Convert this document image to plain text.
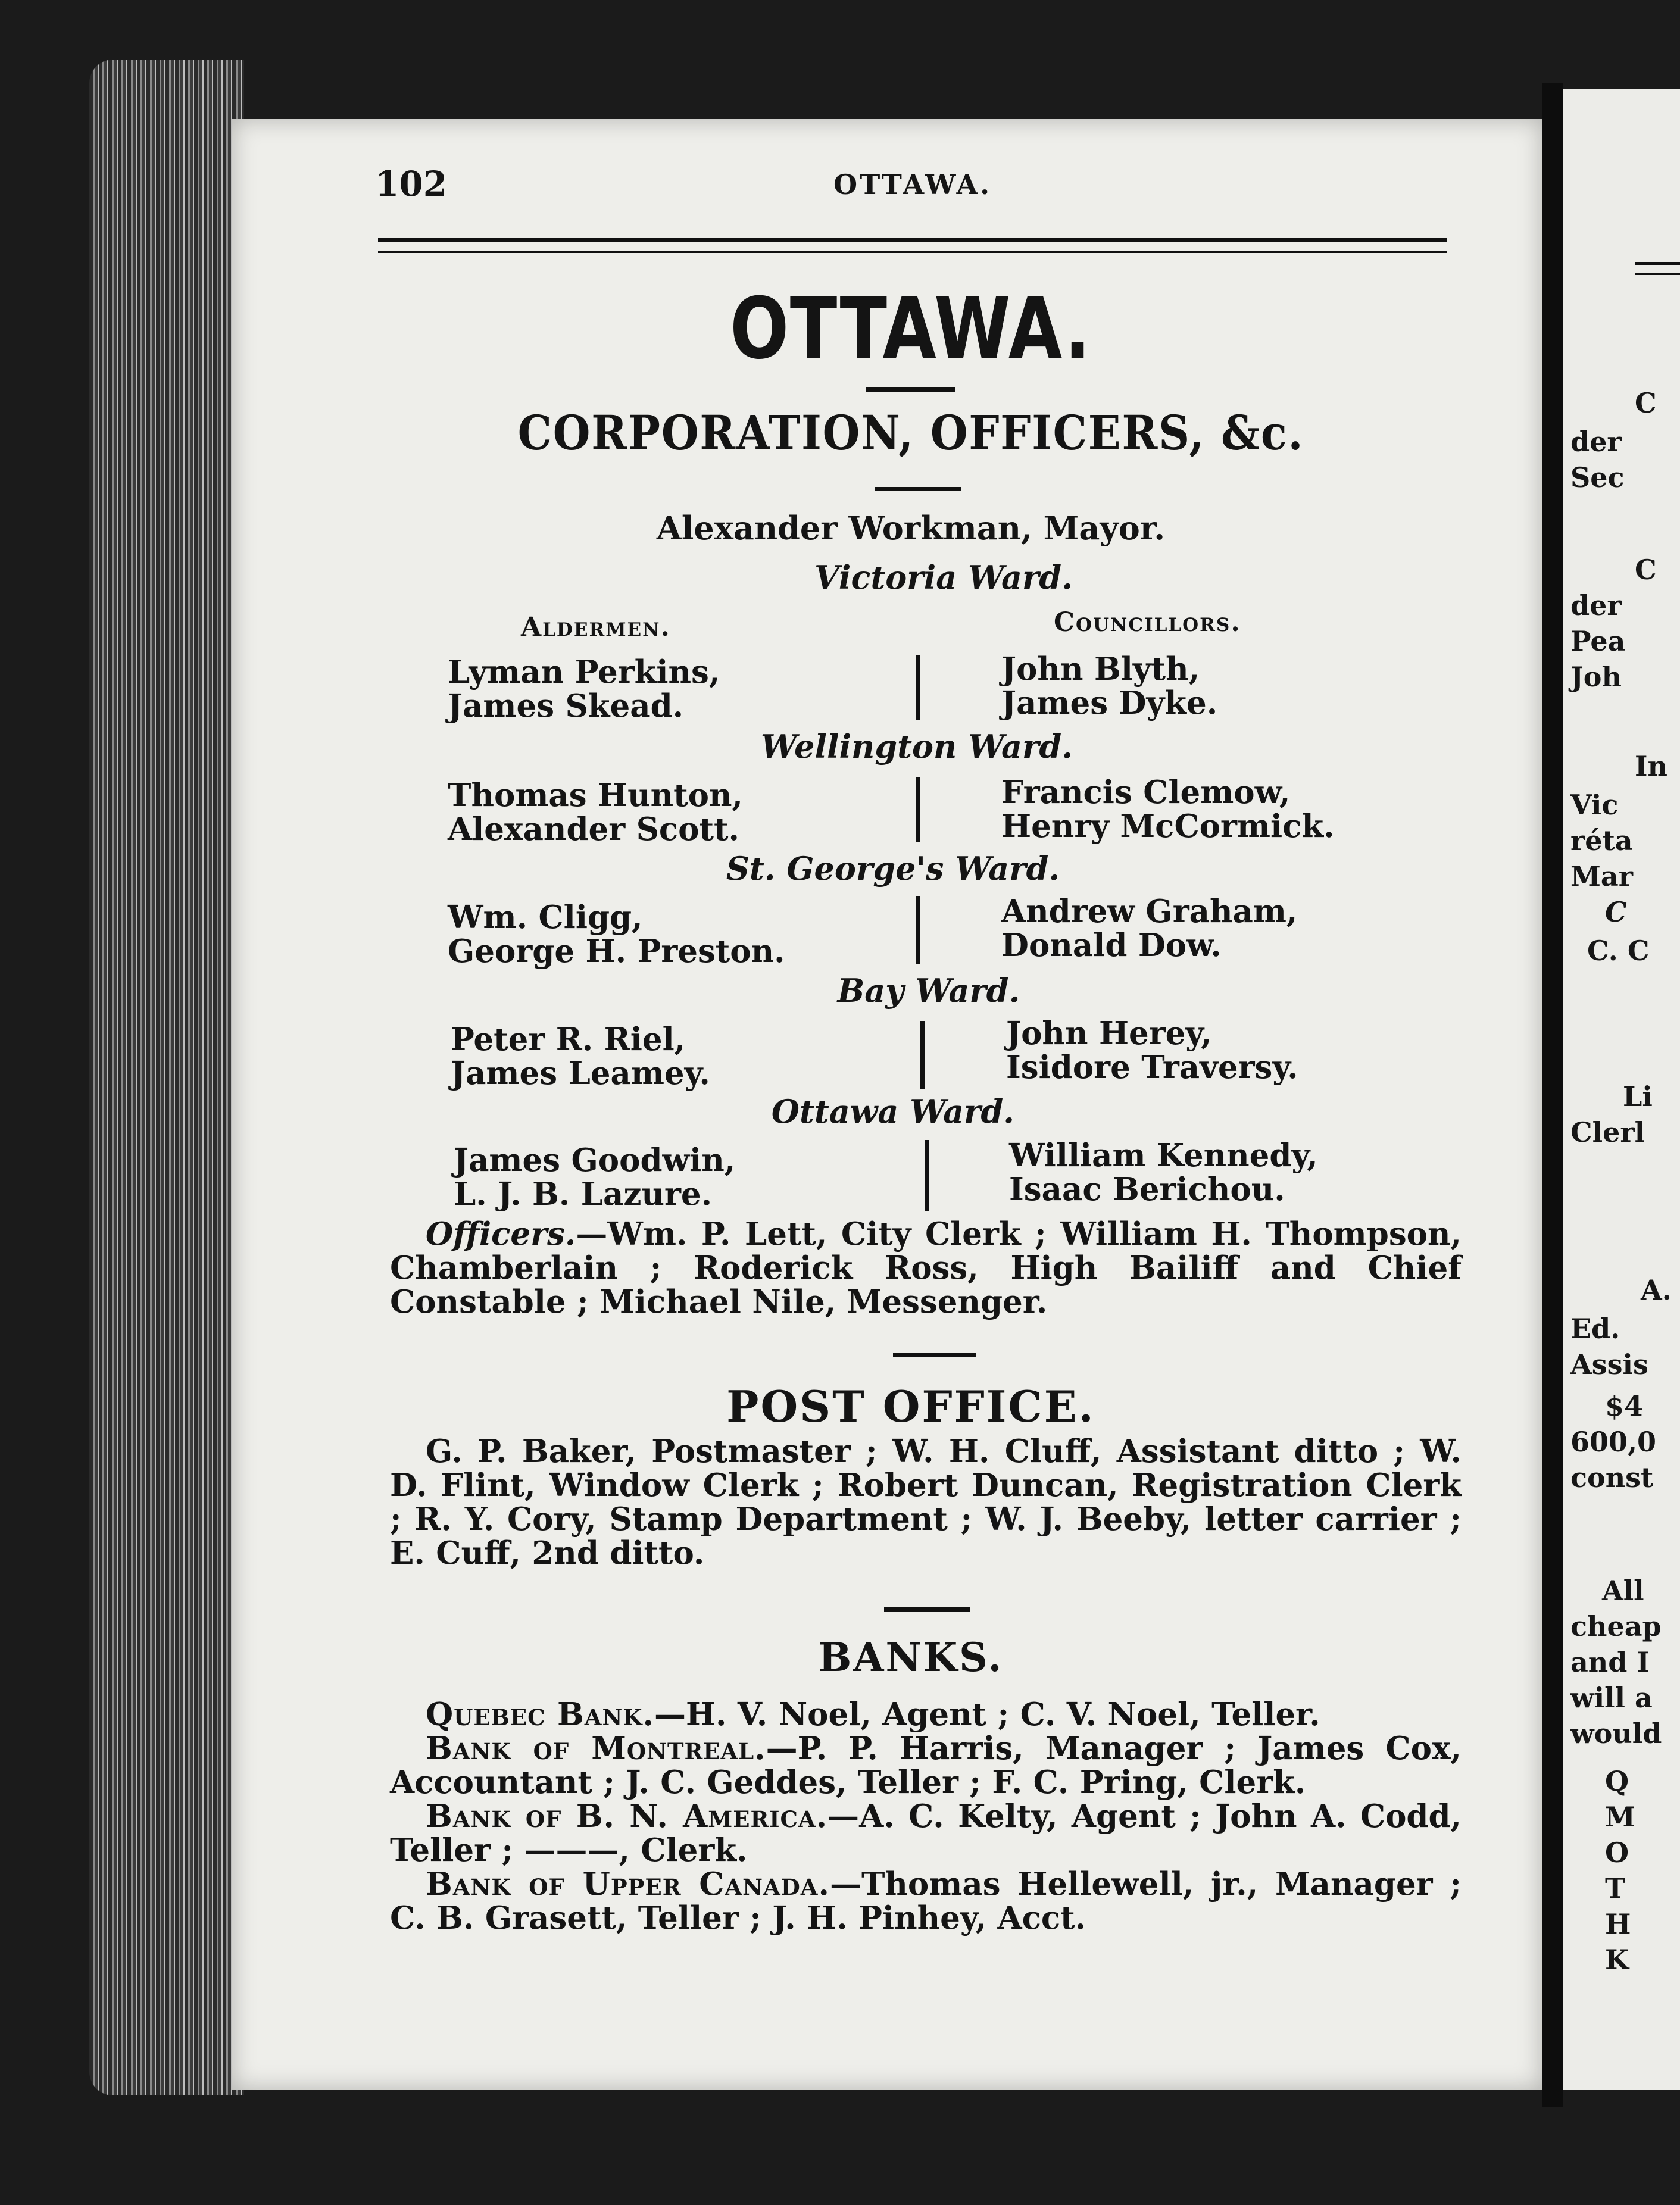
102	OTTAWA.
OTTAWA.
CORPORATION, OFFICERS, &c.
Alexander Workman, Mayor.
Victoria Ward.
Aldermen.	Councillors.
Lyman Perkins,
James Skead.
John Blyth,
James Dyke.
Wellington Ward.
Thomas Hunton,
Alexander Scott.
Francis Clemow,
Henry McCormick.
St. George's Ward.
Wm. Cligg,
George H. Preston.
Andrew Graham,
Donald Dow.
Bay Ward.
Peter R. Riel,
James Leamey.
John Herey,
Isidore Traversy.
Ottawa Ward.
James Goodwin,
L. J. B. Lazure.
William Kennedy,
Isaac Berichou.

Officers.—Wm. P. Lett, City Clerk ; William H. Thompson, Chamberlain ; Roderick Ross, High Bailiff and Chief Constable ; Michael Nile, Messenger.

POST OFFICE.

G. P. Baker, Postmaster ; W. H. Cluff, Assistant ditto ; W. D. Flint, Window Clerk ; Robert Duncan, Registration Clerk ; R. Y. Cory, Stamp Department ; W. J. Beeby, letter carrier ; E. Cuff, 2nd ditto.

BANKS.

Quebec Bank.—H. V. Noel, Agent ; C. V. Noel, Teller.

Bank of Montreal.—P. P. Harris, Manager ; James Cox, Accountant ; J. C. Geddes, Teller ; F. C. Pring, Clerk.

Bank of B. N. America.—A. C. Kelty, Agent ; John A. Codd, Teller ; ———, Clerk.

Bank of Upper Canada.—Thomas Hellewell, jr., Manager ; C. B. Grasett, Teller ; J. H. Pinhey, Acct.

C
der
Sec
C
der
Pea
Joh
In
Vic
réta
Mar
C
C. C
Li
Clerl
A.
Ed.
Assis
$4
600,0
const
All
cheap
and I
will a
would
Q
M
O
T
H
K
